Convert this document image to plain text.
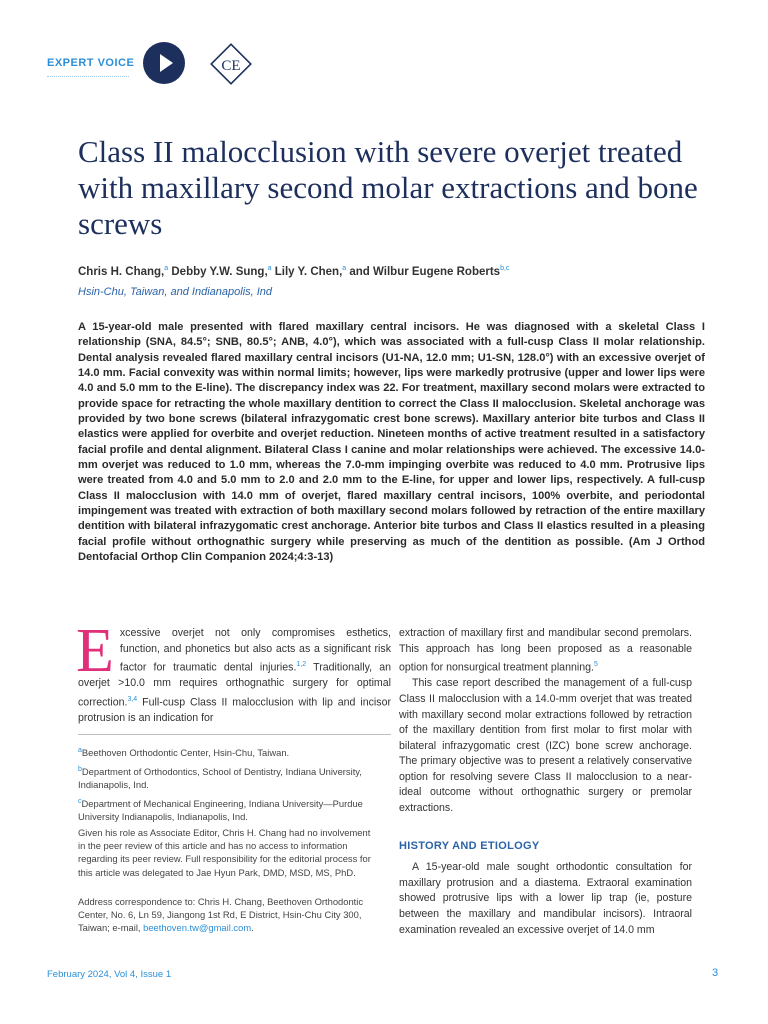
EXPERT VOICE	CE
Class II malocclusion with severe overjet treated with maxillary second molar extractions and bone screws
Chris H. Chang,$^a$ Debby Y.W. Sung,$^a$ Lily Y. Chen,$^a$ and Wilbur Eugene Roberts$^{b,c}$
Hsin-Chu, Taiwan, and Indianapolis, Ind

A 15-year-old male presented with flared maxillary central incisors. He was diagnosed with a skeletal Class I relationship (SNA, 84.5°; SNB, 80.5°; ANB, 4.0°), which was associated with a full-cusp Class II molar relationship. Dental analysis revealed flared maxillary central incisors (U1-NA, 12.0 mm; U1-SN, 128.0°) with an excessive overjet of 14.0 mm. Facial convexity was within normal limits; however, lips were markedly protrusive (upper and lower lips were 4.0 and 5.0 mm to the E-line). The discrepancy index was 22. For treatment, maxillary second molars were extracted to provide space for retracting the whole maxillary dentition to correct the Class II malocclusion. Skeletal anchorage was provided by two bone screws (bilateral infrazygomatic crest bone screws). Maxillary anterior bite turbos and Class II elastics were applied for overbite and overjet reduction. Nineteen months of active treatment resulted in a satisfactory facial profile and dental alignment. Bilateral Class I canine and molar relationships were achieved. The excessive 14.0-mm overjet was reduced to 1.0 mm, whereas the 7.0-mm impinging overbite was reduced to 4.0 mm. Protrusive lips were treated from 4.0 and 5.0 mm to 2.0 and 2.0 mm to the E-line, for upper and lower lips, respectively. A full-cusp Class II malocclusion with 14.0 mm of overjet, flared maxillary central incisors, 100% overbite, and periodontal impingement was treated with extraction of both maxillary second molars followed by retraction of the entire maxillary dentition with bilateral infrazygomatic crest anchorage. Anterior bite turbos and Class II elastics resulted in a pleasing facial profile without orthognathic surgery while preserving as much of the dentition as possible. (Am J Orthod Dentofacial Orthop Clin Companion 2024;4:3-13)

Excessive overjet not only compromises esthetics, function, and phonetics but also acts as a significant risk factor for traumatic dental injuries.$^{1,2}$ Traditionally, an overjet >10.0 mm requires orthognathic surgery for optimal correction.$^{3,4}$ Full-cusp Class II malocclusion with lip and incisor protrusion is an indication for

extraction of maxillary first and mandibular second premolars. This approach has long been proposed as a reasonable option for nonsurgical treatment planning.$^5$

This case report described the management of a full-cusp Class II malocclusion with a 14.0-mm overjet that was treated with maxillary second molar extractions followed by retraction of the maxillary dentition from first molar to first molar with bilateral infrazygomatic crest (IZC) bone screw anchorage. The primary objective was to present a relatively conservative option for resolving severe Class II malocclusion to a near-ideal outcome without orthognathic surgery or premolar extractions.

HISTORY AND ETIOLOGY

A 15-year-old male sought orthodontic consultation for maxillary protrusion and a diastema. Extraoral examination showed protrusive lips with a lower lip trap (ie, posture between the maxillary and mandibular incisors). Intraoral examination revealed an excessive overjet of 14.0 mm

$^a$Beethoven Orthodontic Center, Hsin-Chu, Taiwan.
$^b$Department of Orthodontics, School of Dentistry, Indiana University, Indianapolis, Ind.
$^c$Department of Mechanical Engineering, Indiana University—Purdue University Indianapolis, Indianapolis, Ind.
Given his role as Associate Editor, Chris H. Chang had no involvement in the peer review of this article and has no access to information regarding its peer review. Full responsibility for the editorial process for this article was delegated to Jae Hyun Park, DMD, MSD, MS, PhD.
Address correspondence to: Chris H. Chang, Beethoven Orthodontic Center, No. 6, Ln 59, Jiangong 1st Rd, E District, Hsin-Chu City 300, Taiwan; e-mail, beethoven.tw@gmail.com.
February 2024, Vol 4, Issue 1	3
